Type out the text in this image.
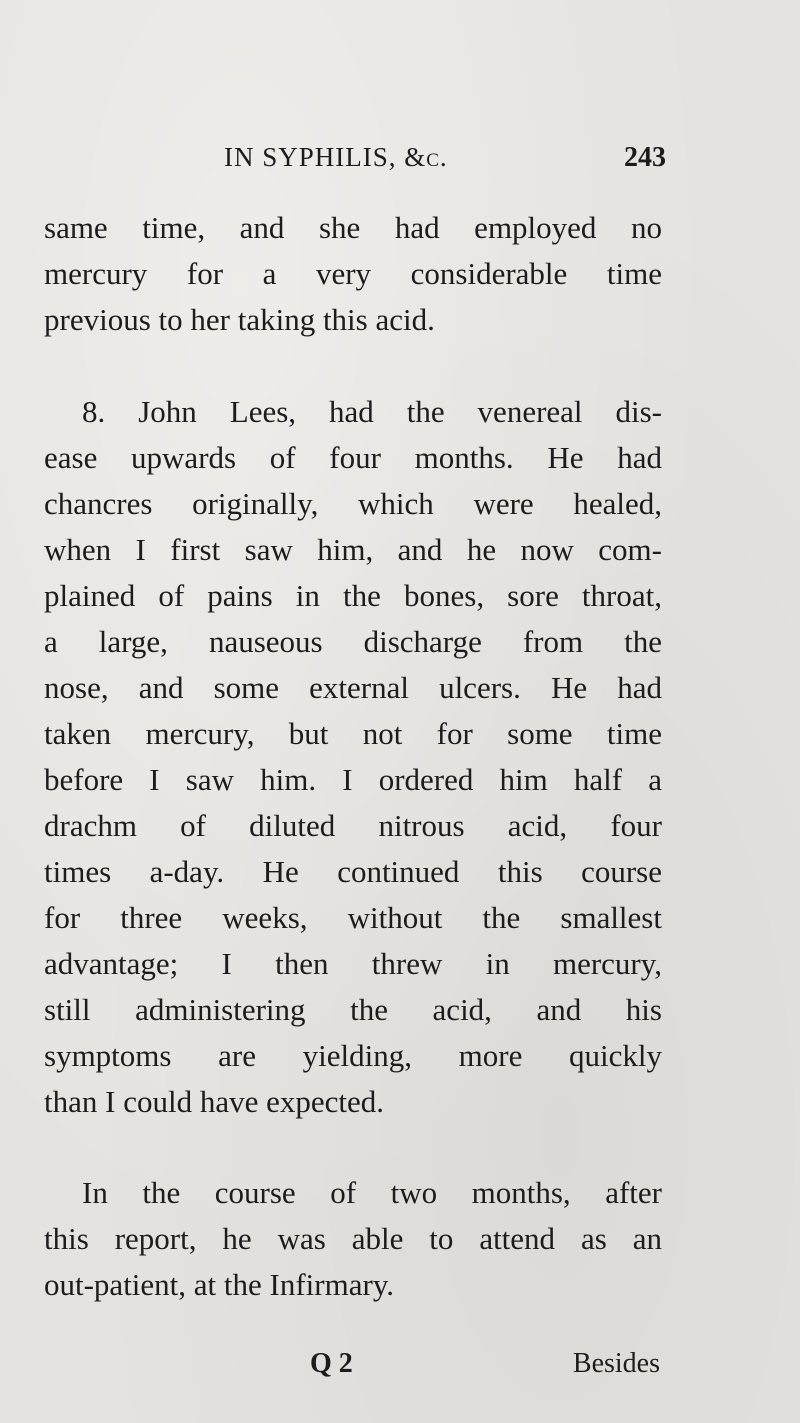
IN SYPHILIS, &c.	243
same time, and she had employed no
mercury for a very considerable time
previous to her taking this acid.
8. John Lees, had the venereal dis-
ease upwards of four months. He had
chancres originally, which were healed,
when I first saw him, and he now com-
plained of pains in the bones, sore throat,
a large, nauseous discharge from the
nose, and some external ulcers. He had
taken mercury, but not for some time
before I saw him. I ordered him half a
drachm of diluted nitrous acid, four
times a-day. He continued this course
for three weeks, without the smallest
advantage; I then threw in mercury,
still administering the acid, and his
symptoms are yielding, more quickly
than I could have expected.
In the course of two months, after
this report, he was able to attend as an
out-patient, at the Infirmary.
Q 2	Besides
